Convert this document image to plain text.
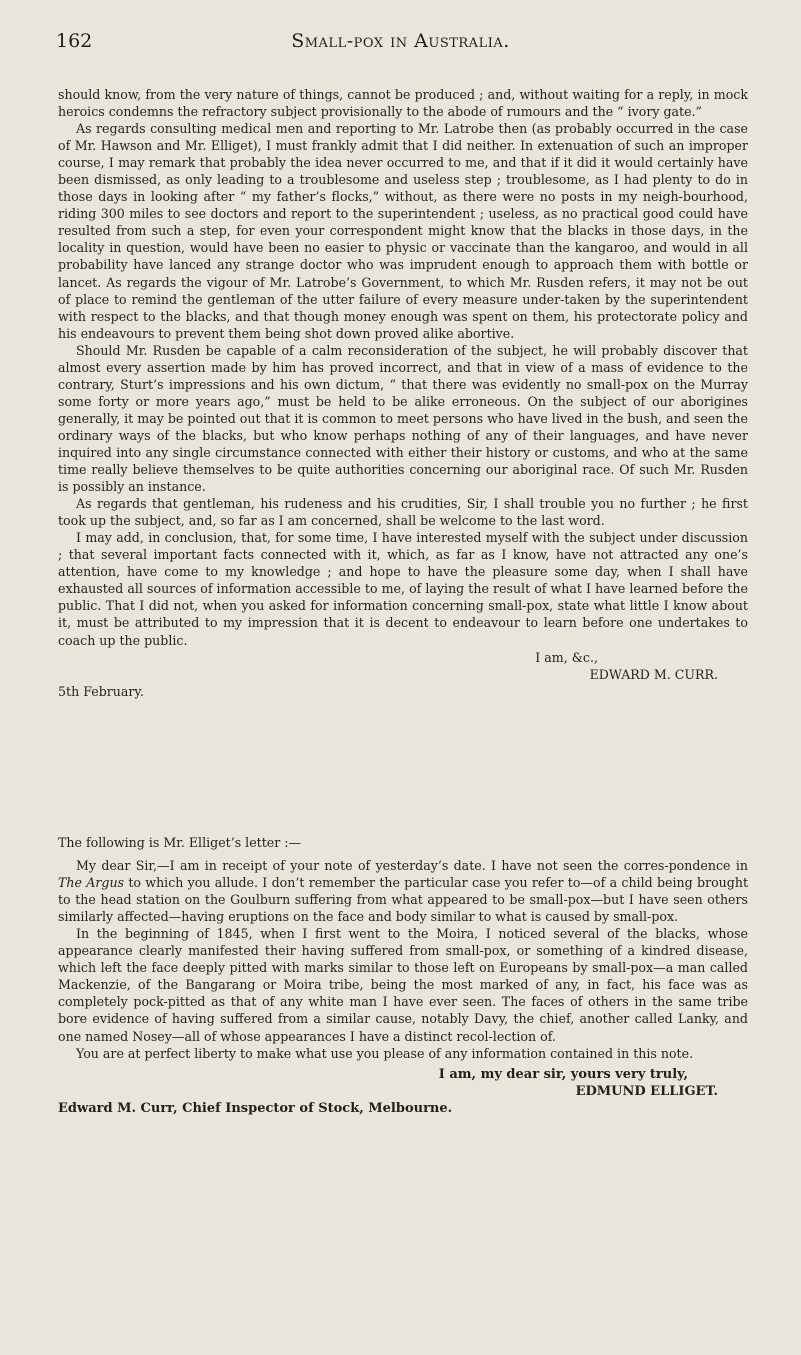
162	Small-pox in Australia.

should know, from the very nature of things, cannot be produced ; and, without waiting for a reply, in mock heroics condemns the refractory subject provisionally to the abode of rumours and the “ ivory gate.”

As regards consulting medical men and reporting to Mr. Latrobe then (as probably occurred in the case of Mr. Hawson and Mr. Elliget), I must frankly admit that I did neither. In extenuation of such an improper course, I may remark that probably the idea never occurred to me, and that if it did it would certainly have been dismissed, as only leading to a troublesome and useless step ; troublesome, as I had plenty to do in those days in looking after “ my father’s flocks,” without, as there were no posts in my neigh-bourhood, riding 300 miles to see doctors and report to the superintendent ; useless, as no practical good could have resulted from such a step, for even your correspondent might know that the blacks in those days, in the locality in question, would have been no easier to physic or vaccinate than the kangaroo, and would in all probability have lanced any strange doctor who was imprudent enough to approach them with bottle or lancet. As regards the vigour of Mr. Latrobe’s Government, to which Mr. Rusden refers, it may not be out of place to remind the gentleman of the utter failure of every measure under-taken by the superintendent with respect to the blacks, and that though money enough was spent on them, his protectorate policy and his endeavours to prevent them being shot down proved alike abortive.

Should Mr. Rusden be capable of a calm reconsideration of the subject, he will probably discover that almost every assertion made by him has proved incorrect, and that in view of a mass of evidence to the contrary, Sturt’s impressions and his own dictum, “ that there was evidently no small-pox on the Murray some forty or more years ago,” must be held to be alike erroneous. On the subject of our aborigines generally, it may be pointed out that it is common to meet persons who have lived in the bush, and seen the ordinary ways of the blacks, but who know perhaps nothing of any of their languages, and have never inquired into any single circumstance connected with either their history or customs, and who at the same time really believe themselves to be quite authorities concerning our aboriginal race. Of such Mr. Rusden is possibly an instance.

As regards that gentleman, his rudeness and his crudities, Sir, I shall trouble you no further ; he first took up the subject, and, so far as I am concerned, shall be welcome to the last word.

I may add, in conclusion, that, for some time, I have interested myself with the subject under discussion ; that several important facts connected with it, which, as far as I know, have not attracted any one’s attention, have come to my knowledge ; and hope to have the pleasure some day, when I shall have exhausted all sources of information accessible to me, of laying the result of what I have learned before the public. That I did not, when you asked for information concerning small-pox, state what little I know about it, must be attributed to my impression that it is decent to endeavour to learn before one undertakes to coach up the public.

I am, &c.,

EDWARD M. CURR.

5th February.

The following is Mr. Elliget’s letter :—

My dear Sir,—I am in receipt of your note of yesterday’s date. I have not seen the corres-pondence in The Argus to which you allude. I don’t remember the particular case you refer to—of a child being brought to the head station on the Goulburn suffering from what appeared to be small-pox—but I have seen others similarly affected—having eruptions on the face and body similar to what is caused by small-pox.

In the beginning of 1845, when I first went to the Moira, I noticed several of the blacks, whose appearance clearly manifested their having suffered from small-pox, or something of a kindred disease, which left the face deeply pitted with marks similar to those left on Europeans by small-pox—a man called Mackenzie, of the Bangarang or Moira tribe, being the most marked of any, in fact, his face was as completely pock-pitted as that of any white man I have ever seen. The faces of others in the same tribe bore evidence of having suffered from a similar cause, notably Davy, the chief, another called Lanky, and one named Nosey—all of whose appearances I have a distinct recol-lection of.

You are at perfect liberty to make what use you please of any information contained in this note.

I am, my dear sir, yours very truly,

EDMUND ELLIGET.

Edward M. Curr, Chief Inspector of Stock, Melbourne.
